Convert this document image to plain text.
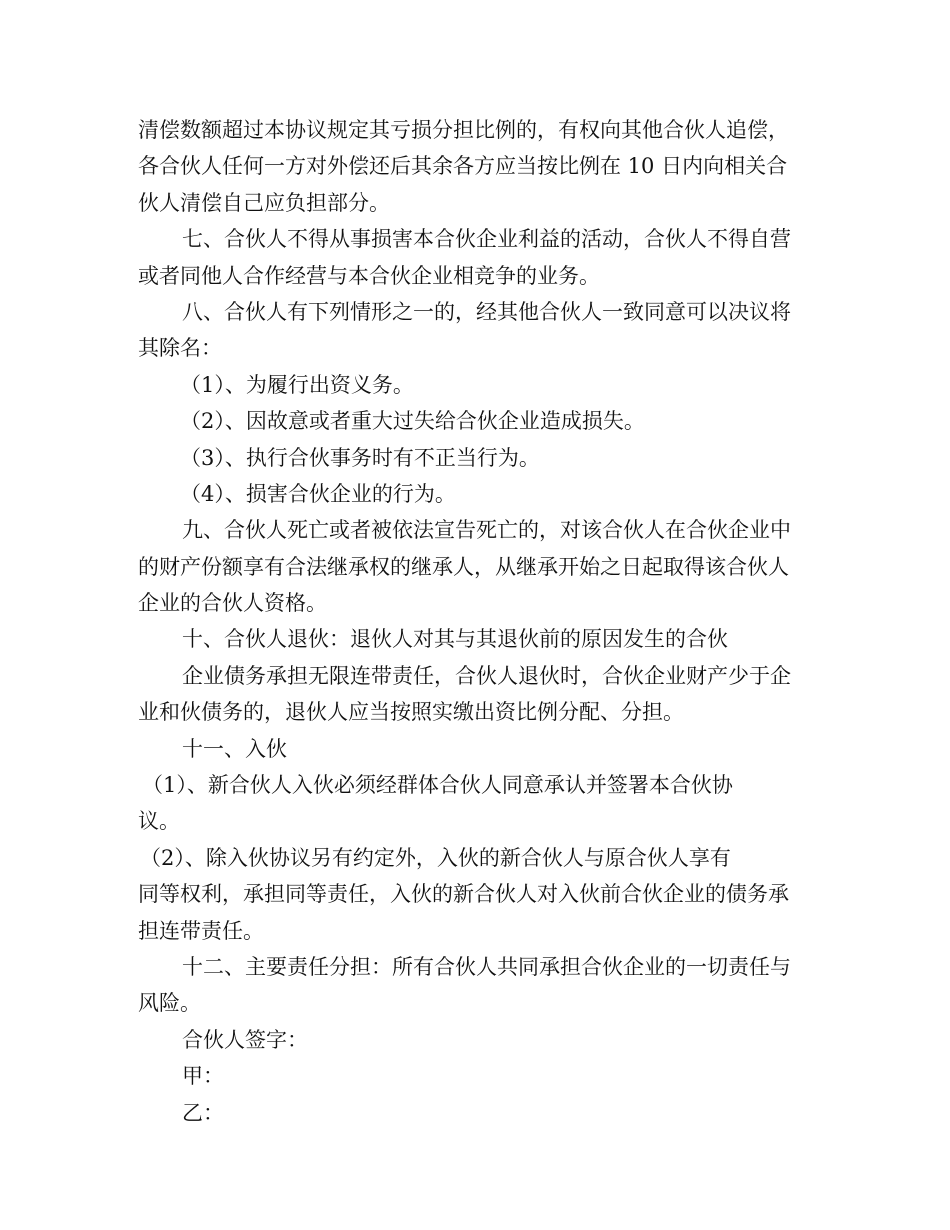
清偿数额超过本协议规定其亏损分担比例的，有权向其他合伙人追偿，
各合伙人任何一方对外偿还后其余各方应当按比例在 10 日内向相关合
伙人清偿自己应负担部分。
七、合伙人不得从事损害本合伙企业利益的活动，合伙人不得自营
或者同他人合作经营与本合伙企业相竞争的业务。
八、合伙人有下列情形之一的，经其他合伙人一致同意可以决议将
其除名：
（1）、为履行出资义务。
（2）、因故意或者重大过失给合伙企业造成损失。
（3）、执行合伙事务时有不正当行为。
（4）、损害合伙企业的行为。
九、合伙人死亡或者被依法宣告死亡的，对该合伙人在合伙企业中
的财产份额享有合法继承权的继承人，从继承开始之日起取得该合伙人
企业的合伙人资格。
十、合伙人退伙：退伙人对其与其退伙前的原因发生的合伙
企业债务承担无限连带责任，合伙人退伙时，合伙企业财产少于企
业和伙债务的，退伙人应当按照实缴出资比例分配、分担。
十一、入伙
（1）、新合伙人入伙必须经群体合伙人同意承认并签署本合伙协
议。
（2）、除入伙协议另有约定外，入伙的新合伙人与原合伙人享有
同等权利，承担同等责任，入伙的新合伙人对入伙前合伙企业的债务承
担连带责任。
十二、主要责任分担：所有合伙人共同承担合伙企业的一切责任与
风险。
合伙人签字：
甲：
乙：
